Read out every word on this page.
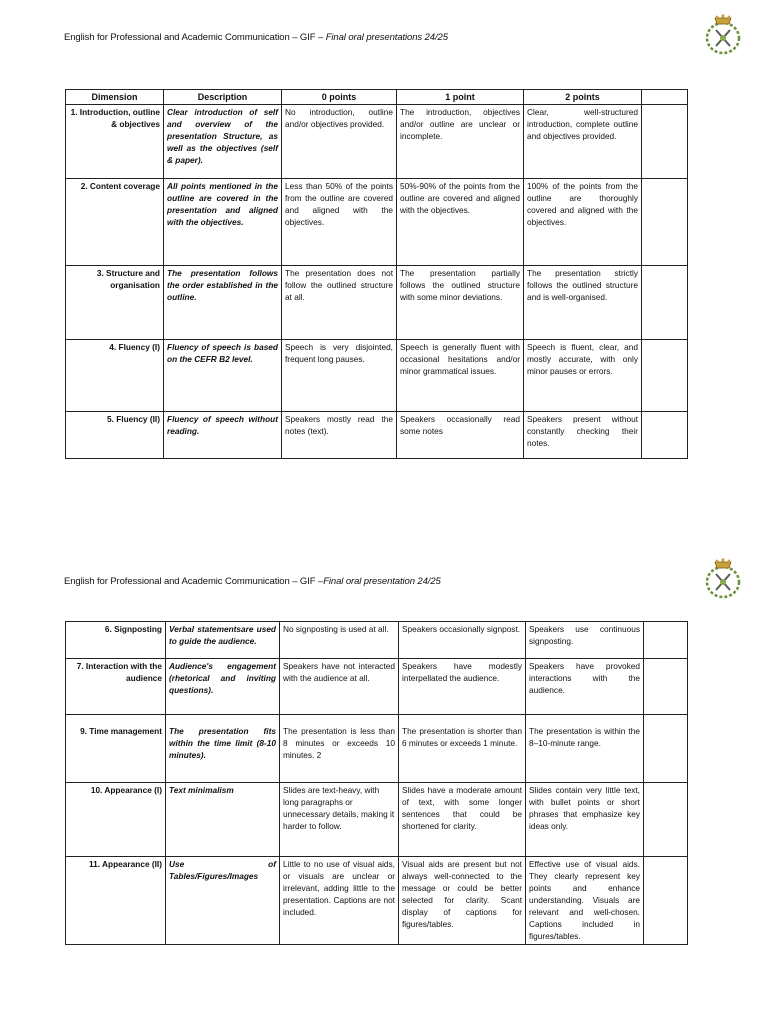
English for Professional and Academic Communication – GIF – Final oral presentations 24/25
Dimension	Description	0 points	1 point	2 points	
1. Introduction, outline & objectives	Clear introduction of self and overview of the presentation Structure, as well as the objectives (self & paper).	No introduction, outline and/or objectives provided.	The introduction, objectives and/or outline are unclear or incomplete.	Clear, well-structured introduction, complete outline and objectives provided.	
2. Content coverage	All points mentioned in the outline are covered in the presentation and aligned with the objectives.	Less than 50% of the points from the outline are covered and aligned with the objectives.	50%-90% of the points from the outline are covered and aligned with the objectives.	100% of the points from the outline are thoroughly covered and aligned with the objectives.	
3. Structure and organisation	The presentation follows the order established in the outline.	The presentation does not follow the outlined structure at all.	The presentation partially follows the outlined structure with some minor deviations.	The presentation strictly follows the outlined structure and is well-organised.	
4. Fluency (I)	Fluency of speech is based on the CEFR B2 level.	Speech is very disjointed, frequent long pauses.	Speech is generally fluent with occasional hesitations and/or minor grammatical issues.	Speech is fluent, clear, and mostly accurate, with only minor pauses or errors.	
5. Fluency (II)	Fluency of speech without reading.	Speakers mostly read the notes (text).	Speakers occasionally read some notes	Speakers present without constantly checking their notes.	
English for Professional and Academic Communication – GIF –Final oral presentation 24/25
6. Signposting	Verbal statementsare used to guide the audience.	No signposting is used at all.	Speakers occasionally signpost.	Speakers use continuous signposting.	
7. Interaction with the audience	Audience's engagement (rhetorical and inviting questions).	Speakers have not interacted with the audience at all.	Speakers have modestly interpellated the audience.	Speakers have provoked interactions with the audience.	
9. Time management	The presentation fits within the time limit (8-10 minutes).	The presentation is less than 8 minutes or exceeds 10 minutes. 2	The presentation is shorter than 6 minutes or exceeds 1 minute.	The presentation is within the 8–10-minute range.	
10. Appearance (I)	Text minimalism	Slides are text-heavy, with long paragraphs or unnecessary details, making it harder to follow.	Slides have a moderate amount of text, with some longer sentences that could be shortened for clarity.	Slides contain very little text, with bullet points or short phrases that emphasize key ideas only.	
11. Appearance (II)	Use of Tables/Figures/Images	Little to no use of visual aids, or visuals are unclear or irrelevant, adding little to the presentation. Captions are not included.	Visual aids are present but not always well-connected to the message or could be better selected for clarity. Scant display of captions for figures/tables.	Effective use of visual aids. They clearly represent key points and enhance understanding. Visuals are relevant and well-chosen. Captions included in figures/tables.	
